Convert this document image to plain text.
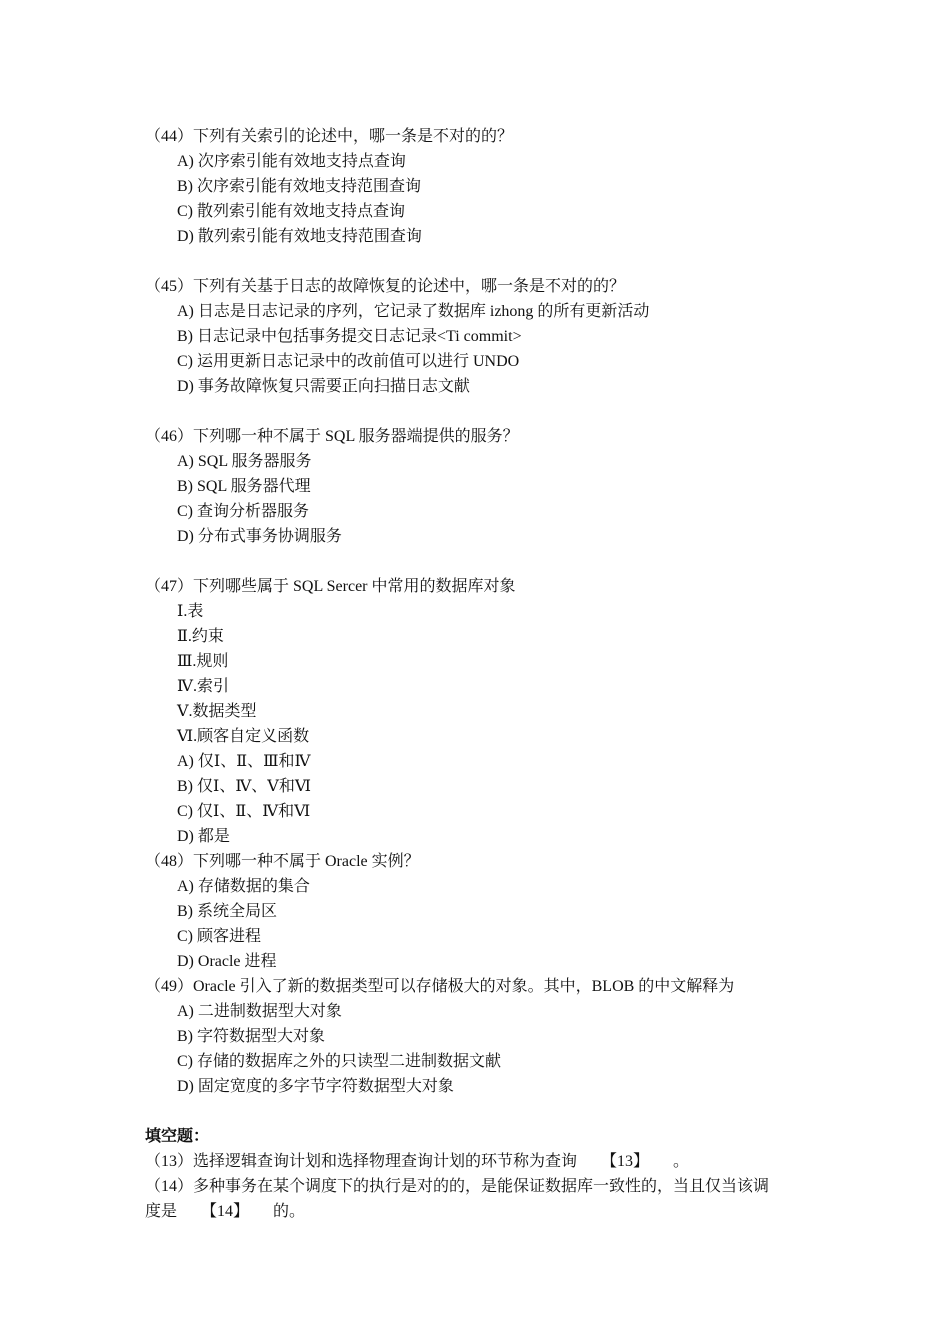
（44）下列有关索引的论述中，哪一条是不对的的？
A) 次序索引能有效地支持点查询
B) 次序索引能有效地支持范围查询
C) 散列索引能有效地支持点查询
D) 散列索引能有效地支持范围查询
（45）下列有关基于日志的故障恢复的论述中，哪一条是不对的的？
A) 日志是日志记录的序列，它记录了数据库 izhong 的所有更新活动
B) 日志记录中包括事务提交日志记录<Ti commit>
C) 运用更新日志记录中的改前值可以进行 UNDO
D) 事务故障恢复只需要正向扫描日志文献
（46）下列哪一种不属于 SQL 服务器端提供的服务？
A) SQL 服务器服务
B) SQL 服务器代理
C) 查询分析器服务
D) 分布式事务协调服务
（47）下列哪些属于 SQL Sercer 中常用的数据库对象
Ⅰ.表
Ⅱ.约束
Ⅲ.规则
Ⅳ.索引
Ⅴ.数据类型
Ⅵ.顾客自定义函数
A) 仅Ⅰ、Ⅱ、Ⅲ和Ⅳ
B) 仅Ⅰ、Ⅳ、Ⅴ和Ⅵ
C) 仅Ⅰ、Ⅱ、Ⅳ和Ⅵ
D) 都是
（48）下列哪一种不属于 Oracle 实例？
A) 存储数据的集合
B) 系统全局区
C) 顾客进程
D) Oracle 进程
（49）Oracle 引入了新的数据类型可以存储极大的对象。其中，BLOB 的中文解释为
A) 二进制数据型大对象
B) 字符数据型大对象
C) 存储的数据库之外的只读型二进制数据文献
D) 固定宽度的多字节字符数据型大对象
填空题：
（13）选择逻辑查询计划和选择物理查询计划的环节称为查询　　【13】　　。
（14）多种事务在某个调度下的执行是对的的，是能保证数据库一致性的，当且仅当该调
度是　　【14】　　的。
